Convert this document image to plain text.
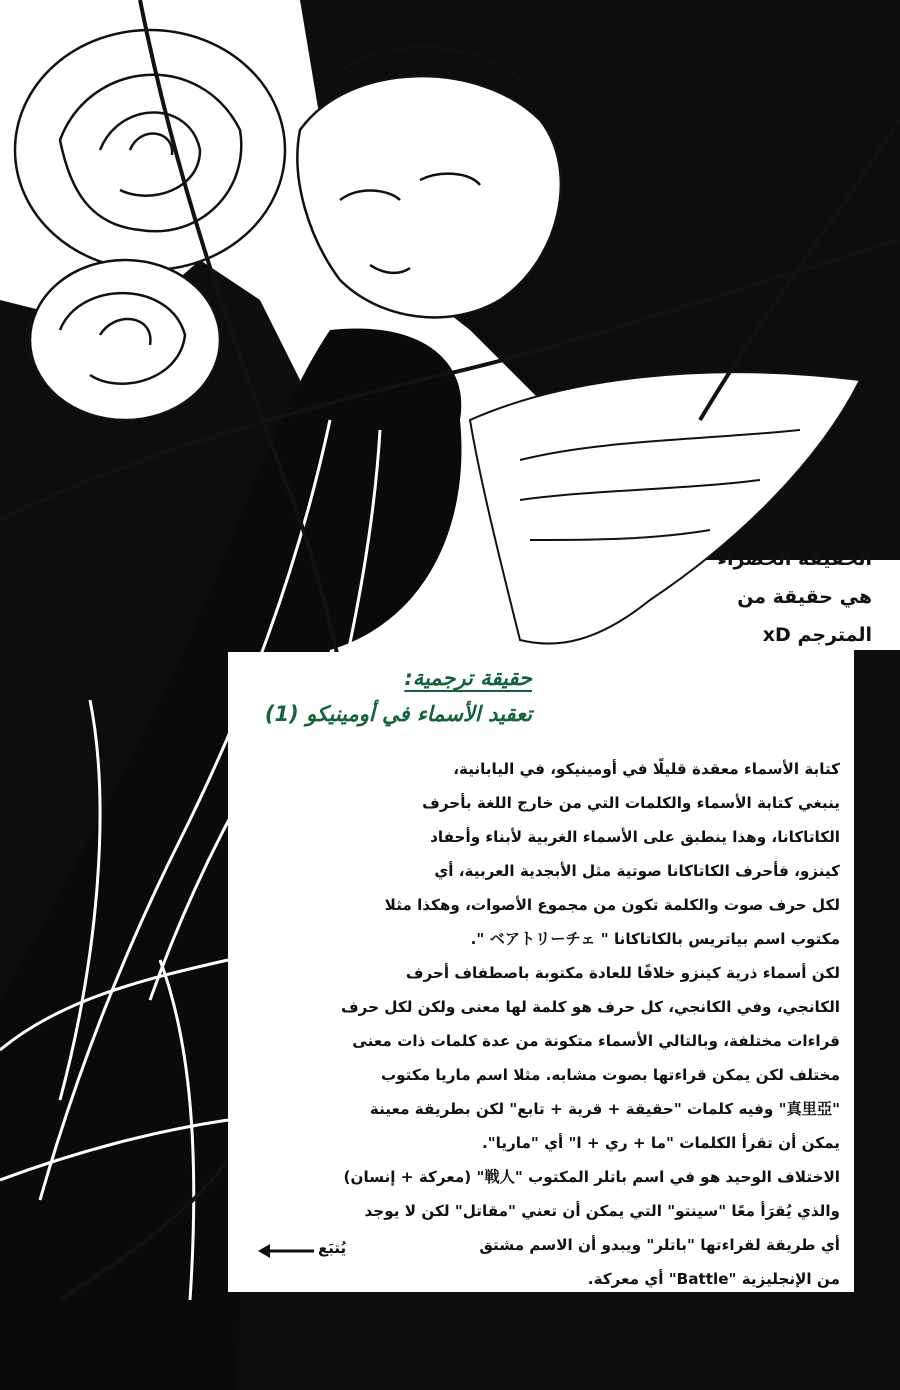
الحقيقة الخضراء
هي حقيقة من
المترجم xD
حقيقة ترجمية:
تعقيد الأسماء في أومينيكو (1)
كتابة الأسماء معقدة قليلًا في أومينيكو، في اليابانية،
ينبغي كتابة الأسماء والكلمات التي من خارج اللغة بأحرف
الكاتاكانا، وهذا ينطبق على الأسماء الغربية لأبناء وأحفاد
كينزو، فأحرف الكاتاكانا صوتية مثل الأبجدية العربية، أي
لكل حرف صوت والكلمة تكون من مجموع الأصوات، وهكذا مثلا
مكتوب اسم بياتريس بالكاتاكانا " ベアトリーチェ ".
لكن أسماء ذرية كينزو خلافًا للعادة مكتوبة باصطفاف أحرف
الكانجي، وفي الكانجي، كل حرف هو كلمة لها معنى ولكن لكل حرف
قراءات مختلفة، وبالتالي الأسماء متكونة من عدة كلمات ذات معنى
مختلف لكن يمكن قراءتها بصوت مشابه. مثلا اسم ماريا مكتوب
"真里亞" وفيه كلمات "حقيقة + قرية + تابع" لكن بطريقة معينة
يمكن أن تقرأ الكلمات "ما + ري + ا" أي "ماريا".
الاختلاف الوحيد هو في اسم باتلر المكتوب "戦人" (معركة + إنسان)
والذي يُقرَأ معًا "سينتو" التي يمكن أن تعني "مقاتل" لكن لا يوجد
أي طريقة لقراءتها "باتلر" ويبدو أن الاسم مشتق
من الإنجليزية "Battle" أي معركة.
يُتبَع
